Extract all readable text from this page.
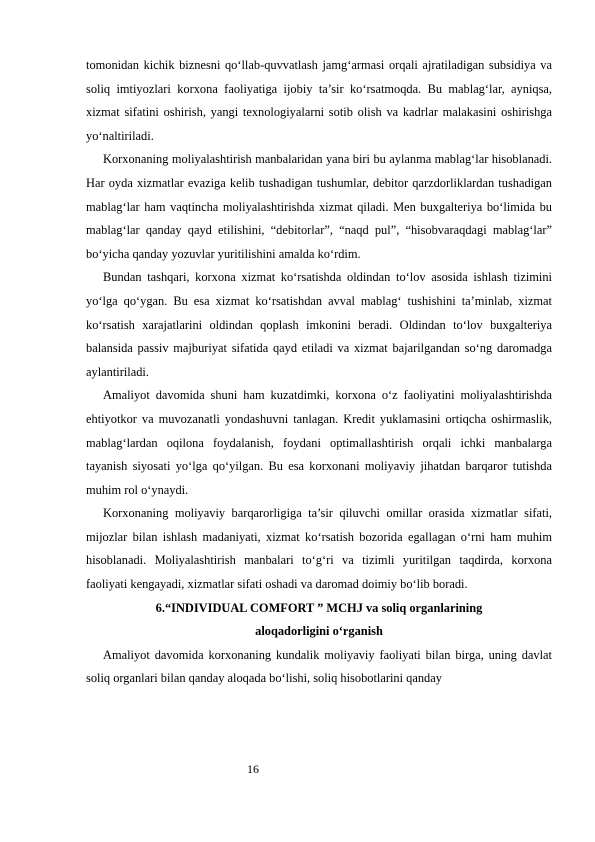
tomonidan kichik biznesni qo‘llab-quvvatlash jamg‘armasi orqali ajratiladigan subsidiya va soliq imtiyozlari korxona faoliyatiga ijobiy ta’sir ko‘rsatmoqda. Bu mablag‘lar, ayniqsa, xizmat sifatini oshirish, yangi texnologiyalarni sotib olish va kadrlar malakasini oshirishga yo‘naltiriladi.

Korxonaning moliyalashtirish manbalaridan yana biri bu aylanma mablag‘lar hisoblanadi. Har oyda xizmatlar evaziga kelib tushadigan tushumlar, debitor qarzdorliklardan tushadigan mablag‘lar ham vaqtincha moliyalashtirishda xizmat qiladi. Men buxgalteriya bo‘limida bu mablag‘lar qanday qayd etilishini, “debitorlar”, “naqd pul”, “hisobvaraqdagi mablag‘lar” bo‘yicha qanday yozuvlar yuritilishini amalda ko‘rdim.

Bundan tashqari, korxona xizmat ko‘rsatishda oldindan to‘lov asosida ishlash tizimini yo‘lga qo‘ygan. Bu esa xizmat ko‘rsatishdan avval mablag‘ tushishini ta’minlab, xizmat ko‘rsatish xarajatlarini oldindan qoplash imkonini beradi. Oldindan to‘lov buxgalteriya balansida passiv majburiyat sifatida qayd etiladi va xizmat bajarilgandan so‘ng daromadga aylantiriladi.

Amaliyot davomida shuni ham kuzatdimki, korxona o‘z faoliyatini moliyalashtirishda ehtiyotkor va muvozanatli yondashuvni tanlagan. Kredit yuklamasini ortiqcha oshirmaslik, mablag‘lardan oqilona foydalanish, foydani optimallashtirish orqali ichki manbalarga tayanish siyosati yo‘lga qo‘yilgan. Bu esa korxonani moliyaviy jihatdan barqaror tutishda muhim rol o‘ynaydi.

Korxonaning moliyaviy barqarorligiga ta’sir qiluvchi omillar orasida xizmatlar sifati, mijozlar bilan ishlash madaniyati, xizmat ko‘rsatish bozorida egallagan o‘rni ham muhim hisoblanadi. Moliyalashtirish manbalari to‘g‘ri va tizimli yuritilgan taqdirda, korxona faoliyati kengayadi, xizmatlar sifati oshadi va daromad doimiy bo‘lib boradi.

6.“INDIVIDUAL COMFORT ” MCHJ va soliq organlarining

aloqadorligini o‘rganish

Amaliyot davomida korxonaning kundalik moliyaviy faoliyati bilan birga, uning davlat soliq organlari bilan qanday aloqada bo‘lishi, soliq hisobotlarini qanday

16
